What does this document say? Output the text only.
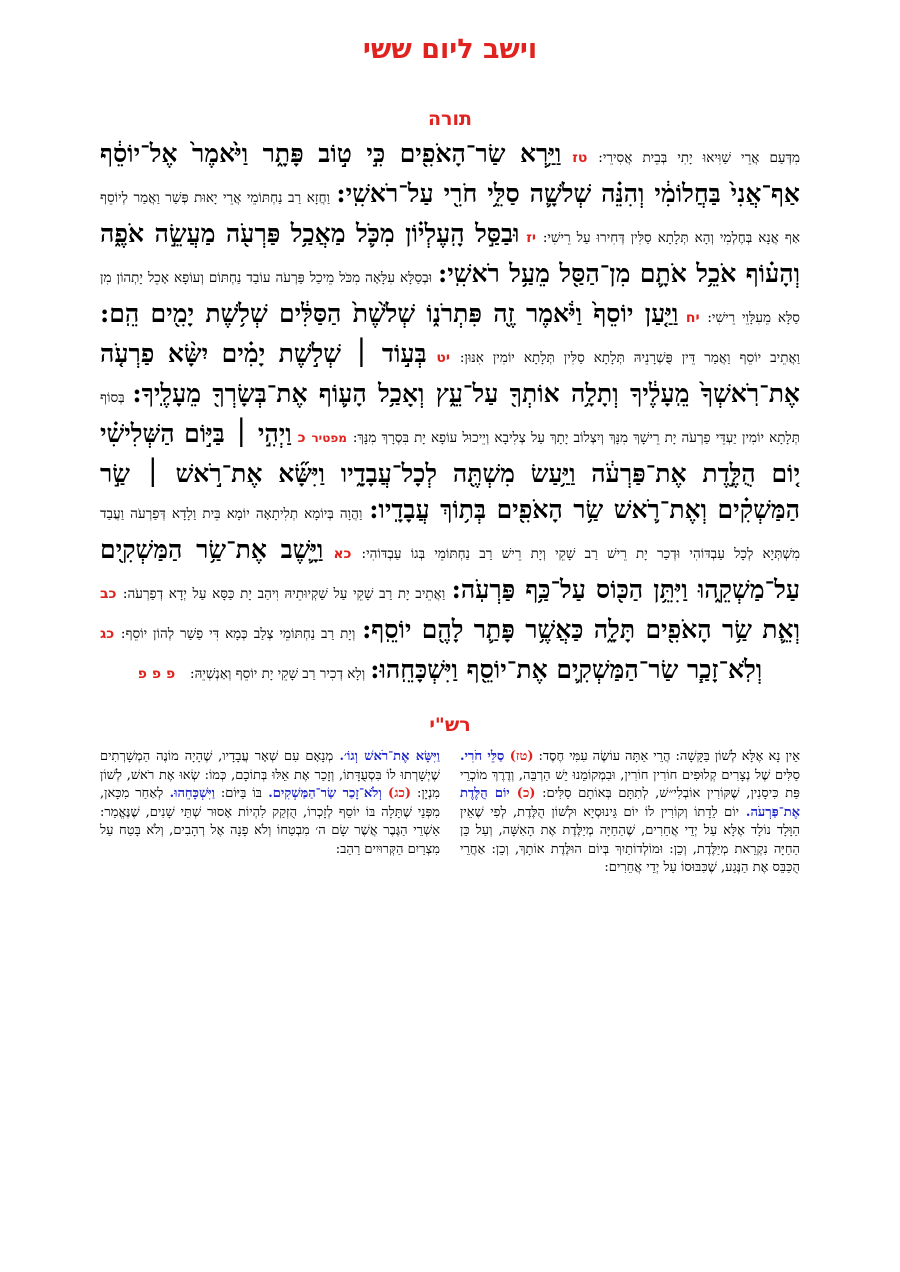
וישב ליום ששי
תורה
מִדְּעַם אֲרֵי שַׁוִּיאוּ יָתִי בְּבֵית אֲסִירֵי: טז וַיַּ֥רְא שַׂר־הָאֹפִ֖ים כִּ֣י ט֣וֹב פָּתָ֑ר וַיֹּ֙אמֶר֙ אֶל־יוֹסֵ֔ף אַף־אֲנִי֙ בַּחֲלוֹמִ֔י וְהִנֵּ֗ה שְׁלֹשָׁ֛ה סַלֵּ֥י חֹרִ֖י עַל־רֹאשִֽׁי: וַחֲזָא רַב נַחְתּוֹמֵי אֲרֵי יָאוּת פְּשַׁר וַאֲמַר לְיוֹסֵף אַף אֲנָא בְּחֶלְמִי וְהָא תְּלָתָא סַלִּין דְּחִירוּ עַל רֵישִׁי: יז וּבַסַּ֣ל הָֽעֶלְי֗וֹן מִכֹּ֛ל מַאֲכַ֥ל פַּרְעֹ֖ה מַעֲשֵׂ֣ה אֹפֶ֑ה וְהָע֗וֹף אֹכֵ֥ל אֹתָ֛ם מִן־הַסַּ֖ל מֵעַ֥ל רֹאשִֽׁי: וּבְסַלָּא עִלָּאָה מִכֹּל מֵיכַל פַּרְעֹה עוֹבַד נַחְתּוֹם וְעוֹפָא אָכֵל יָתְהוֹן מִן סַלָּא מֵעִלָּוֵי רֵישִׁי: יח וַיַּ֤עַן יוֹסֵף֙ וַיֹּ֔אמֶר זֶ֖ה פִּתְרֹנ֑וֹ שְׁלֹ֙שֶׁת֙ הַסַּלִּ֔ים שְׁלֹ֥שֶׁת יָמִ֖ים הֵֽם: וַאֲתֵיב יוֹסֵף וַאֲמַר דֵּין פֻּשְׁרָנֵיהּ תְּלָתָא סַלִּין תְּלָתָא יוֹמִין אִנּוּן: יט בְּע֣וֹד ׀ שְׁלֹ֣שֶׁת יָמִ֗ים יִשָּׂ֨א פַרְעֹ֤ה אֶת־רֹֽאשְׁךָ֙ מֵֽעָלֶ֔יךָ וְתָלָ֥ה אוֹתְךָ֖ עַל־עֵ֑ץ וְאָכַ֥ל הָע֛וֹף אֶת־בְּשָׂרְךָ֖ מֵעָלֶֽיךָ: בְּסוֹף תְּלָתָא יוֹמִין יַעְדֵּי פַרְעֹה יָת רֵישָׁךְ מִנָּךְ וְיִצְלוֹב יָתָךְ עַל צְלִיבָא וְיֵיכוּל עוֹפָא יָת בִּסְרָךְ מִנָּךְ: מפטיר כ וַיְהִ֣י ׀ בַּיּ֣וֹם הַשְּׁלִישִׁ֗י י֚וֹם הֻלֶּ֣דֶת אֶת־פַּרְעֹ֔ה וַיַּ֥עַשׂ מִשְׁתֶּ֖ה לְכָל־עֲבָדָ֑יו וַיִּשָּׂ֞א אֶת־רֹ֣אשׁ ׀ שַׂ֣ר הַמַּשְׁקִ֗ים וְאֶת־רֹ֛אשׁ שַׂ֥ר הָאֹפִ֖ים בְּת֥וֹךְ עֲבָדָֽיו: וַהֲוָה בְּיוֹמָא תְלִיתָאָה יוֹמָא בֵּית וַלָדָא דְּפַרְעֹה וַעֲבַד מִשְׁתְּיָא לְכָל עַבְדּוֹהִי וּדְכַר יָת רֵישׁ רַב שָׁקֵי וְיָת רֵישׁ רַב נַחְתּוֹמֵי בְּגוֹ עַבְדּוֹהִי: כא וַיָּ֛שֶׁב אֶת־שַׂ֥ר הַמַּשְׁקִ֖ים עַל־מַשְׁקֵ֑הוּ וַיִּתֵּ֥ן הַכּ֖וֹס עַל־כַּ֥ף פַּרְעֹֽה: וַאֲתֵיב יָת רַב שָׁקֵי עַל שַׁקְיוּתֵיהּ וִיהַב יָת כַּסָּא עַל יְדָא דְפַרְעֹה: כב וְאֵ֛ת שַׂ֥ר הָאֹפִ֖ים תָּלָ֑ה כַּאֲשֶׁ֥ר פָּתַ֛ר לָהֶ֖ם יוֹסֵֽף: וְיָת רַב נַחְתּוֹמֵי צְלַב כְּמָא דִּי פַשַׁר לְהוֹן יוֹסֵף: כג וְלֹֽא־זָכַ֧ר שַׂר־הַמַּשְׁקִ֛ים אֶת־יוֹסֵ֖ף וַיִּשְׁכָּחֵֽהוּ: וְלָא דְכִיר רַב שָׁקֵי יָת יוֹסֵף וְאַנְשְׁיֵהּ:   פ פ פ
רש"י
אֵין נָא אֶלָּא לְשׁוֹן בַּקָּשָׁה: הֲרֵי אַתָּה עוֹשֶׂה עִמִּי חֶסֶד: (טז) סַלֵּי חֹרִי. סַלִּים שֶׁל נְצָרִים קְלוּפִים חוֹרִין חוֹרִין, וּבִמְקוֹמֵנוּ יֵשׁ הַרְבֵּה, וְדֶרֶךְ מוֹכְרֵי פַּת כִּיסָנִין, שֶׁקּוֹרִין אוֹבְלִי״שׁ, לְתִתָּם בְּאוֹתָם סַלִּים: (כ) יוֹם הֻלֶּדֶת אֶת־פַּרְעֹה. יוֹם לֵדָתוֹ וְקוֹרִין לוֹ יוֹם גֵּינוּסְיָא וּלְשׁוֹן הֻלֶּדֶת, לְפִי שֶׁאֵין הַוָּלָד נוֹלָד אֶלָּא עַל יְדֵי אֲחֵרִים, שֶׁהַחַיָּה מְיַלֶּדֶת אֶת הָאִשָּׁה, וְעַל כֵּן הַחַיָּה נִקְרֵאת מְיַלֶּדֶת, וְכֵן: וּמוֹלְדוֹתַיִךְ בְּיוֹם הוּלֶּדֶת אוֹתָךְ, וְכֵן: אַחֲרֵי הֻכַּבֵּס אֶת הַנֶּגַע, שֶׁכִּבּוּסוֹ עַל יְדֵי אֲחֵרִים:
וַיִּשָּׂא אֶת־רֹאשׁ וְגוֹ׳. מְנָאָם עִם שְׁאָר עֲבָדָיו, שֶׁהָיָה מוֹנֶה הַמְשָׁרְתִים שֶׁיְשָׁרְתוּ לוֹ בִּסְעֻדָּתוֹ, וְזָכַר אֶת אֵלּוּ בְּתוֹכָם, כְּמוֹ: שְׂאוּ אֶת רֹאשׁ, לְשׁוֹן מִנְיָן: (כג) וְלֹא־זָכַר שַׂר־הַמַּשְׁקִים. בּוֹ בַּיּוֹם: וַיִּשְׁכָּחֵהוּ. לְאַחַר מִכָּאן, מִפְּנֵי שֶׁתָּלָה בּוֹ יוֹסֵף לְזָכְרוֹ, הֻזְקַק לִהְיוֹת אָסוּר שְׁתֵּי שָׁנִים, שֶׁנֶּאֱמַר: אַשְׁרֵי הַגֶּבֶר אֲשֶׁר שָׂם ה׳ מִבְטַחוֹ וְלֹא פָנָה אֶל רְהָבִים, וְלֹא בָּטַח עַל מִצְרַיִם הַקְּרוּיִים רַהַב:
